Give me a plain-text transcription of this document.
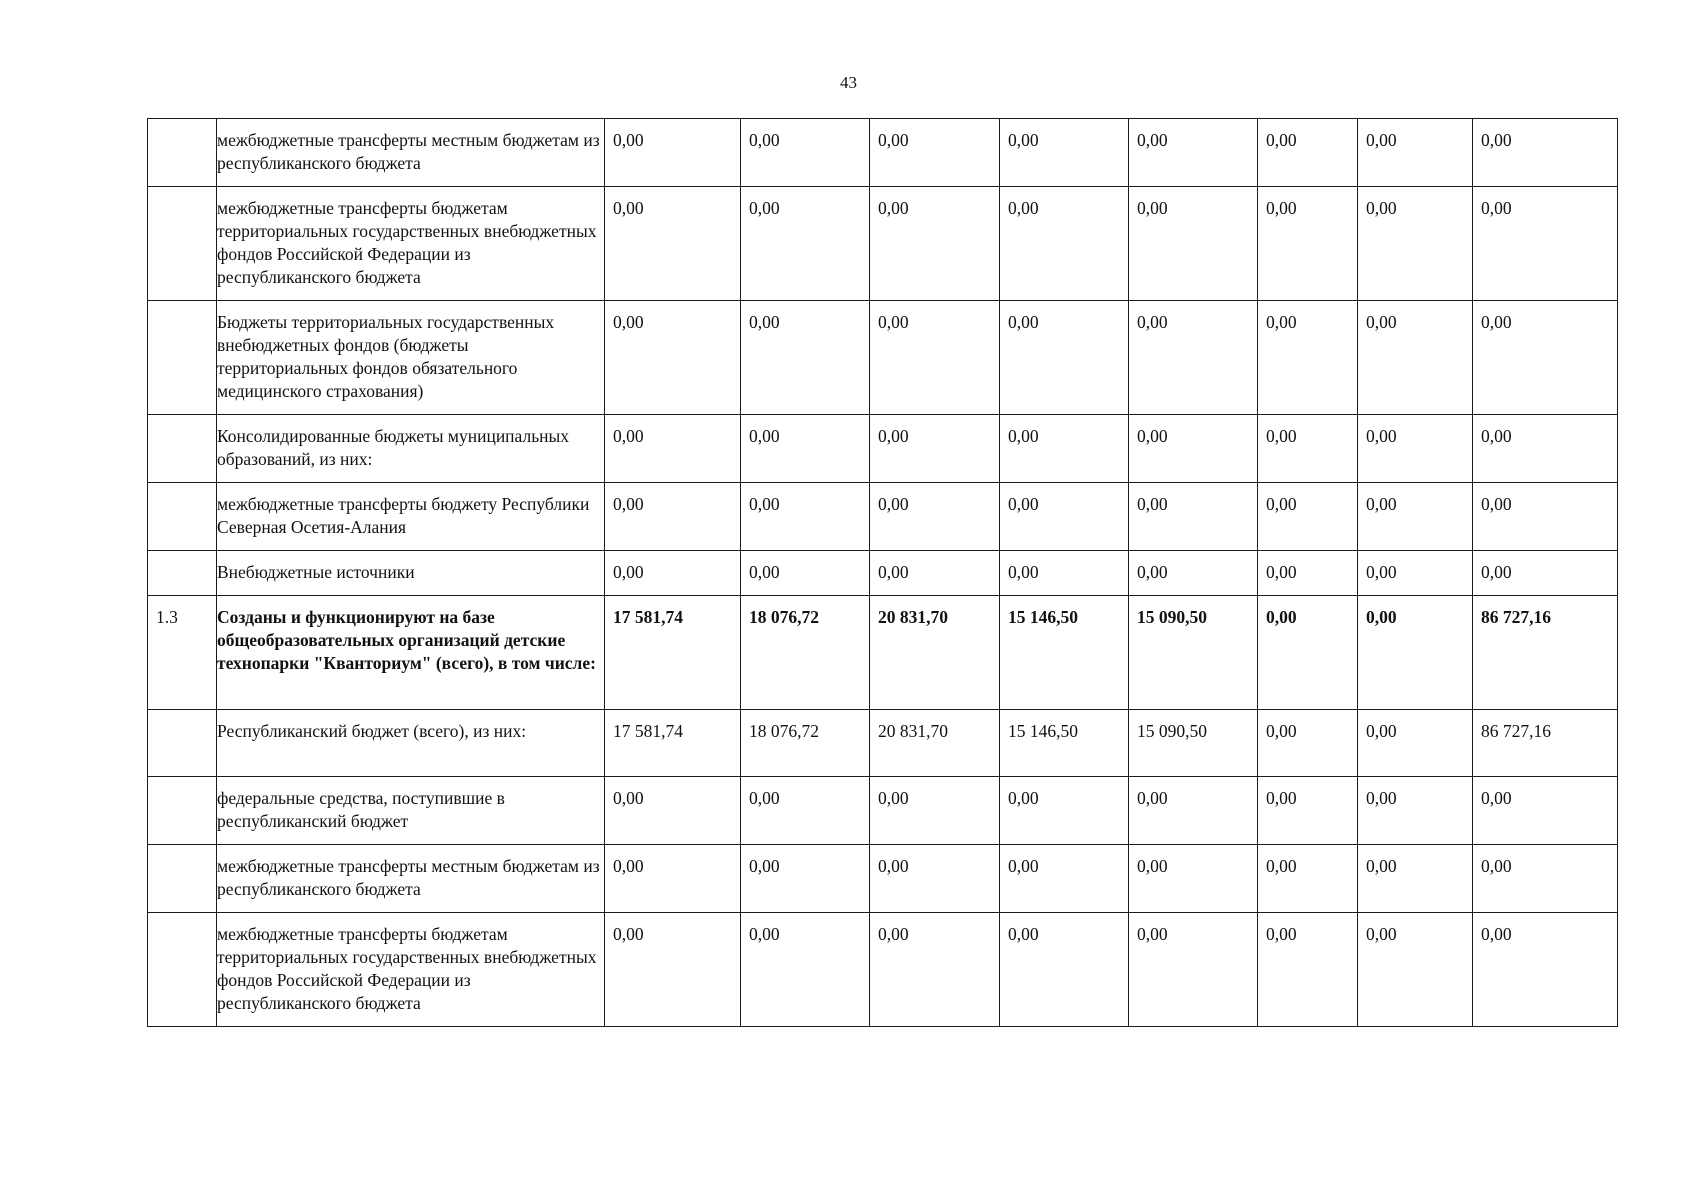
43
	межбюджетные трансферты местным бюджетам из республиканского бюджета	0,00	0,00	0,00	0,00	0,00	0,00	0,00	0,00
	межбюджетные трансферты бюджетам территориальных государственных внебюджетных фондов Российской Федерации из республиканского бюджета	0,00	0,00	0,00	0,00	0,00	0,00	0,00	0,00
	Бюджеты территориальных государственных внебюджетных фондов (бюджеты территориальных фондов обязательного медицинского страхования)	0,00	0,00	0,00	0,00	0,00	0,00	0,00	0,00
	Консолидированные бюджеты муниципальных образований, из них:	0,00	0,00	0,00	0,00	0,00	0,00	0,00	0,00
	межбюджетные трансферты бюджету Республики Северная Осетия-Алания	0,00	0,00	0,00	0,00	0,00	0,00	0,00	0,00
	Внебюджетные источники	0,00	0,00	0,00	0,00	0,00	0,00	0,00	0,00
1.3	Созданы и функционируют на базе общеобразовательных организаций детские технопарки "Кванториум" (всего), в том числе:	17 581,74	18 076,72	20 831,70	15 146,50	15 090,50	0,00	0,00	86 727,16
	Республиканский бюджет (всего), из них:	17 581,74	18 076,72	20 831,70	15 146,50	15 090,50	0,00	0,00	86 727,16
	федеральные средства, поступившие в республиканский бюджет	0,00	0,00	0,00	0,00	0,00	0,00	0,00	0,00
	межбюджетные трансферты местным бюджетам из республиканского бюджета	0,00	0,00	0,00	0,00	0,00	0,00	0,00	0,00
	межбюджетные трансферты бюджетам территориальных государственных внебюджетных фондов Российской Федерации из республиканского бюджета	0,00	0,00	0,00	0,00	0,00	0,00	0,00	0,00
